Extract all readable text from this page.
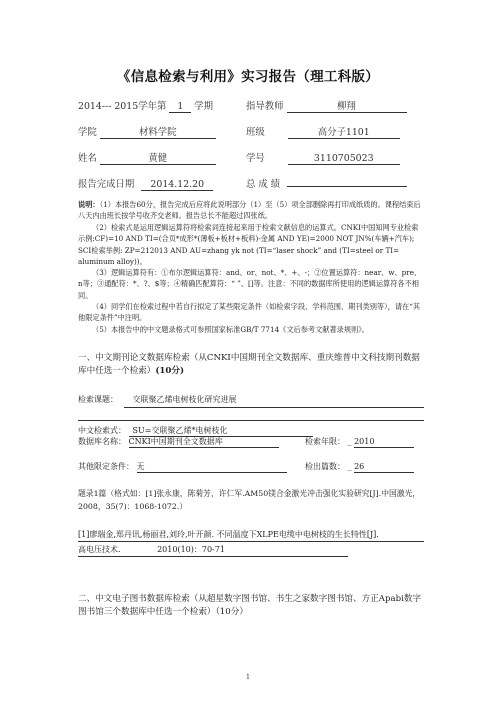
《信息检索与利用》实习报告（理工科版）
2014--- 2015学年第 1 学期	指导教师	柳翔
学院	材料学院	班级	高分子1101
姓名	黄健	学号	3110705023
报告完成日期 2014.12.20	总 成 绩
说明：（1）本报告60分，报告完成后应将此说明部分（1）至（5）项全部删除再打印成纸质的。课程结束后八天内由班长按学号收齐交老师。报告总长不能超过四张纸。
（2）检索式是运用逻辑运算符将检索词连接起来用于检索文献信息的运算式。CNKI中国知网专业检索示例:CF)=10 AND TI=(合页*成形*(薄板+板材+板料)-金属 AND YE)=2000 NOT JN%(车辆+汽车); SCI检索举例: ZP=212013 AND AU=zhang yk not (TI=“laser shock” and (TI=steel or TI= aluminum alloy))。
（3）逻辑运算符有：①布尔逻辑运算符：and、or、not、*、+、-；②位置运算符：near、w、pre、n等；③通配符：*、?、$等；④精确匹配算符：“ ”、[]等。注意：不同的数据库所使用的逻辑运算符各不相同。
（4）同学们在检索过程中若自行拟定了某些限定条件（如检索字段、学科范围、期刊类别等），请在“其他限定条件”中注明。
（5）本报告中的中文题录格式可参照国家标准GB/T 7714《文后参考文献著录规则》。
一、中文期刊论文数据库检索（从CNKI中国期刊全文数据库、重庆维普中文科技期刊数据库中任选一个检索）(10分)
检索课题： 交联聚乙烯电树枝化研究进展
中文检索式： SU=交联聚乙烯*电树枝化
数据库名称： CNKI中国期刊全文数据库	检索年限： _ 2010
其他限定条件： 无	检出篇数： _ 26
题录1篇（格式如：[1]张永康，陈菊芳，许仁军.AM50镁合金激光冲击强化实验研究[J].中国激光，2008，35(7)：1068-1072.）
[1]廖瑞金,郑丹讯,杨丽君,刘玲,叶开颜. 不同温度下XLPE电缆中电树枝的生长特性[J].
高电压技术.	2010(10)：70-71
二、中文电子图书数据库检索（从超星数字图书馆、书生之家数字图书馆、方正Apabi数字图书馆三个数据库中任选一个检索）（10分）
1
